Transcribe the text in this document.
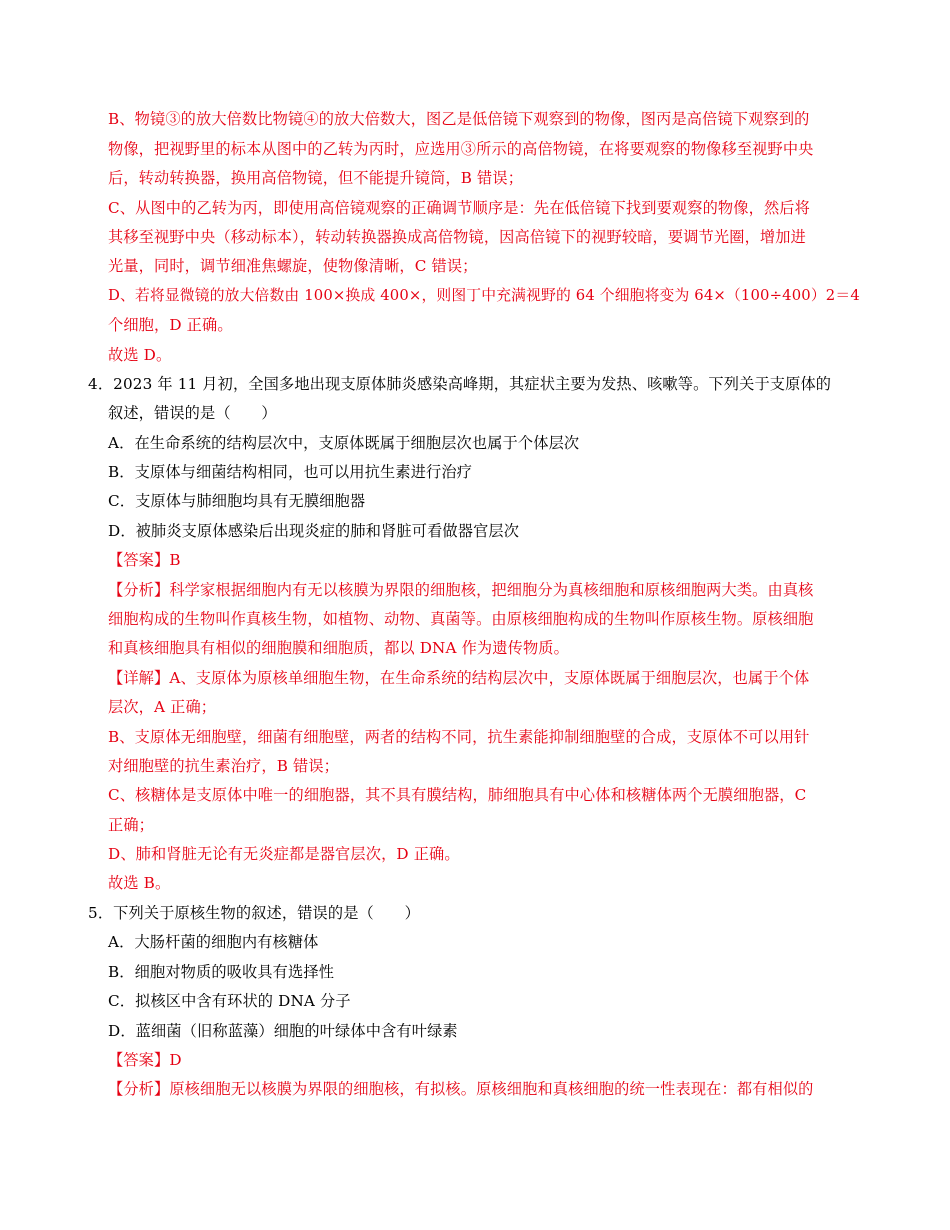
B、物镜③的放大倍数比物镜④的放大倍数大，图乙是低倍镜下观察到的物像，图丙是高倍镜下观察到的
物像，把视野里的标本从图中的乙转为丙时，应选用③所示的高倍物镜，在将要观察的物像移至视野中央
后，转动转换器，换用高倍物镜，但不能提升镜筒，B 错误；
C、从图中的乙转为丙，即使用高倍镜观察的正确调节顺序是：先在低倍镜下找到要观察的物像，然后将
其移至视野中央（移动标本），转动转换器换成高倍物镜，因高倍镜下的视野较暗，要调节光圈，增加进
光量，同时，调节细准焦螺旋，使物像清晰，C 错误；
D、若将显微镜的放大倍数由 100×换成 400×，则图丁中充满视野的 64 个细胞将变为 64×（100÷400）2＝4
个细胞，D 正确。
故选 D。
4．2023 年 11 月初，全国多地出现支原体肺炎感染高峰期，其症状主要为发热、咳嗽等。下列关于支原体的
叙述，错误的是（　　）
A．在生命系统的结构层次中，支原体既属于细胞层次也属于个体层次
B．支原体与细菌结构相同，也可以用抗生素进行治疗
C．支原体与肺细胞均具有无膜细胞器
D．被肺炎支原体感染后出现炎症的肺和肾脏可看做器官层次
【答案】B
【分析】科学家根据细胞内有无以核膜为界限的细胞核，把细胞分为真核细胞和原核细胞两大类。由真核
细胞构成的生物叫作真核生物，如植物、动物、真菌等。由原核细胞构成的生物叫作原核生物。原核细胞
和真核细胞具有相似的细胞膜和细胞质，都以 DNA 作为遗传物质。
【详解】A、支原体为原核单细胞生物，在生命系统的结构层次中，支原体既属于细胞层次，也属于个体
层次，A 正确；
B、支原体无细胞壁，细菌有细胞壁，两者的结构不同，抗生素能抑制细胞壁的合成，支原体不可以用针
对细胞壁的抗生素治疗，B 错误；
C、核糖体是支原体中唯一的细胞器，其不具有膜结构，肺细胞具有中心体和核糖体两个无膜细胞器，C
正确；
D、肺和肾脏无论有无炎症都是器官层次，D 正确。
故选 B。
5．下列关于原核生物的叙述，错误的是（　　）
A．大肠杆菌的细胞内有核糖体
B．细胞对物质的吸收具有选择性
C．拟核区中含有环状的 DNA 分子
D．蓝细菌（旧称蓝藻）细胞的叶绿体中含有叶绿素
【答案】D
【分析】原核细胞无以核膜为界限的细胞核，有拟核。原核细胞和真核细胞的统一性表现在：都有相似的
